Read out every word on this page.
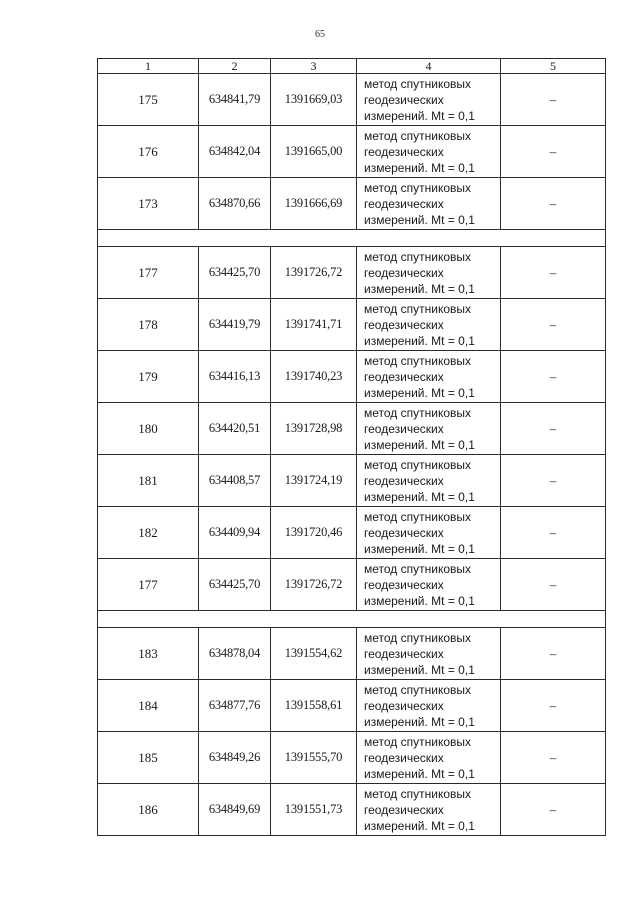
65
1	2	3	4	5
175	634841,79	1391669,03	метод спутниковых
геодезических
измерений. Mt = 0,1	–
176	634842,04	1391665,00	метод спутниковых
геодезических
измерений. Mt = 0,1	–
173	634870,66	1391666,69	метод спутниковых
геодезических
измерений. Mt = 0,1	–

177	634425,70	1391726,72	метод спутниковых
геодезических
измерений. Mt = 0,1	–
178	634419,79	1391741,71	метод спутниковых
геодезических
измерений. Mt = 0,1	–
179	634416,13	1391740,23	метод спутниковых
геодезических
измерений. Mt = 0,1	–
180	634420,51	1391728,98	метод спутниковых
геодезических
измерений. Mt = 0,1	–
181	634408,57	1391724,19	метод спутниковых
геодезических
измерений. Mt = 0,1	–
182	634409,94	1391720,46	метод спутниковых
геодезических
измерений. Mt = 0,1	–
177	634425,70	1391726,72	метод спутниковых
геодезических
измерений. Mt = 0,1	–

183	634878,04	1391554,62	метод спутниковых
геодезических
измерений. Mt = 0,1	–
184	634877,76	1391558,61	метод спутниковых
геодезических
измерений. Mt = 0,1	–
185	634849,26	1391555,70	метод спутниковых
геодезических
измерений. Mt = 0,1	–
186	634849,69	1391551,73	метод спутниковых
геодезических
измерений. Mt = 0,1	–
